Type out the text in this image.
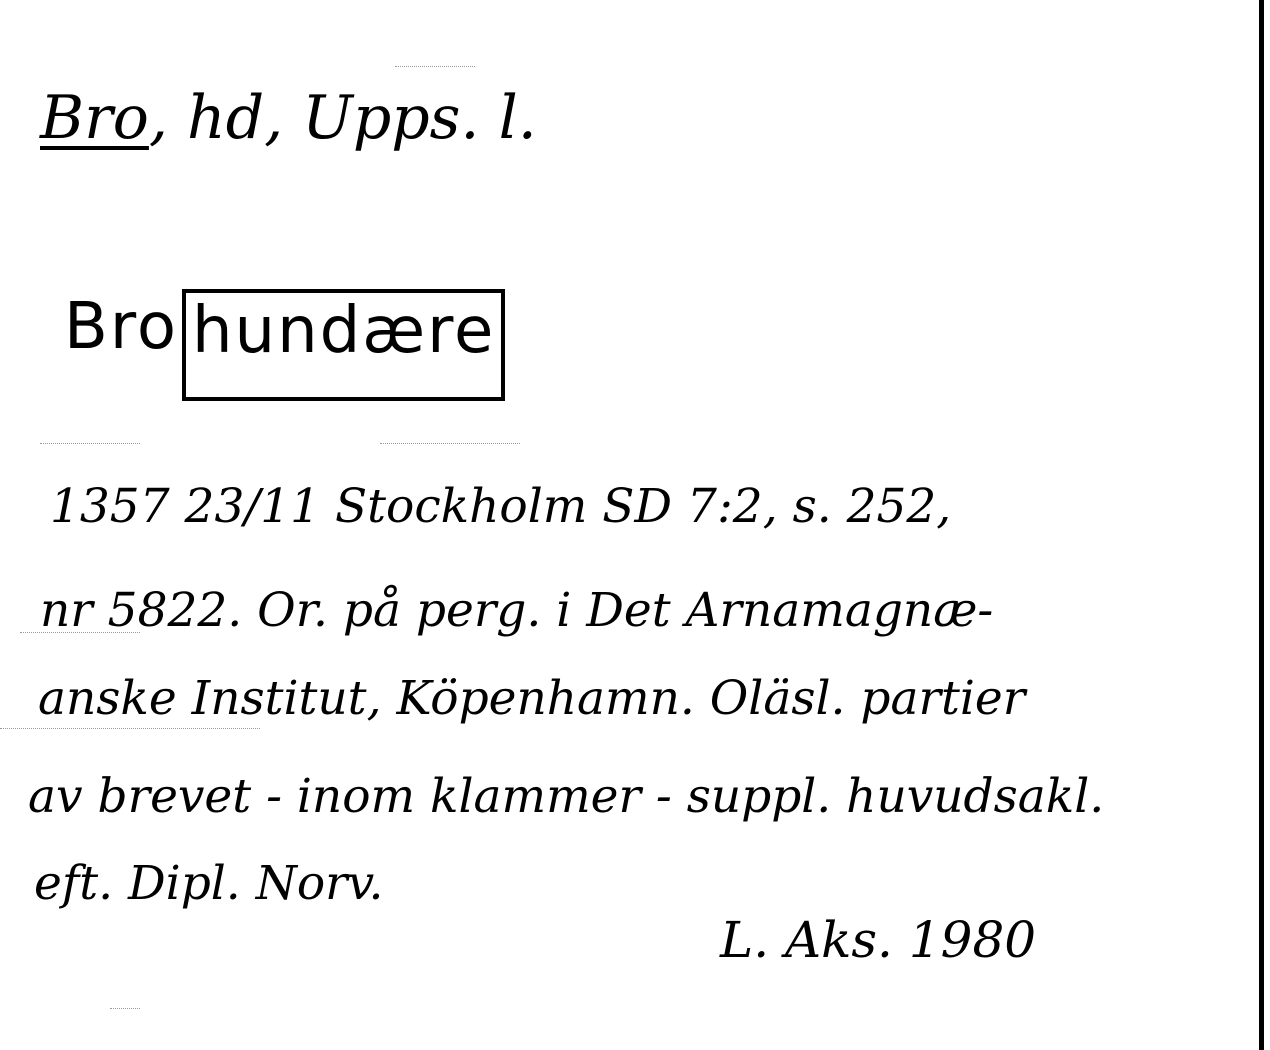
Bro, hd, Upps. l.
Bro hundære
1357 23/11 Stockholm SD 7:2, s. 252,
nr 5822. Or. på perg. i Det Arnamagnæ-
anske Institut, Köpenhamn. Oläsl. partier
av brevet - inom klammer - suppl. huvudsakl.
eft. Dipl. Norv.
L. Aks. 1980
